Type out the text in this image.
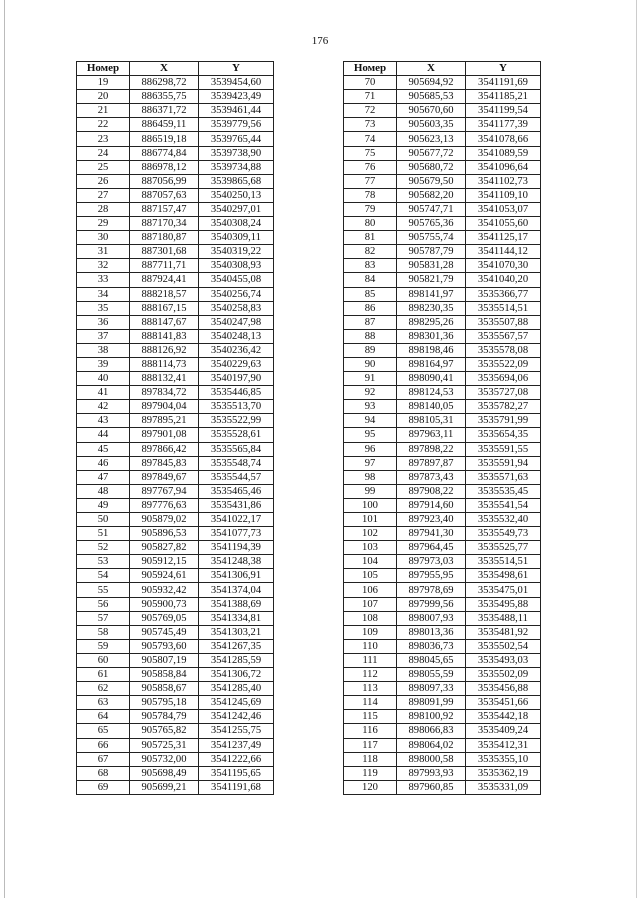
176
Номер	X	Y
19	886298,72	3539454,60
20	886355,75	3539423,49
21	886371,72	3539461,44
22	886459,11	3539779,56
23	886519,18	3539765,44
24	886774,84	3539738,90
25	886978,12	3539734,88
26	887056,99	3539865,68
27	887057,63	3540250,13
28	887157,47	3540297,01
29	887170,34	3540308,24
30	887180,87	3540309,11
31	887301,68	3540319,22
32	887711,71	3540308,93
33	887924,41	3540455,08
34	888218,57	3540256,74
35	888167,15	3540258,83
36	888147,67	3540247,98
37	888141,83	3540248,13
38	888126,92	3540236,42
39	888114,73	3540229,63
40	888132,41	3540197,90
41	897834,72	3535446,85
42	897904,04	3535513,70
43	897895,21	3535522,99
44	897901,08	3535528,61
45	897866,42	3535565,84
46	897845,83	3535548,74
47	897849,67	3535544,57
48	897767,94	3535465,46
49	897776,63	3535431,86
50	905879,02	3541022,17
51	905896,53	3541077,73
52	905827,82	3541194,39
53	905912,15	3541248,38
54	905924,61	3541306,91
55	905932,42	3541374,04
56	905900,73	3541388,69
57	905769,05	3541334,81
58	905745,49	3541303,21
59	905793,60	3541267,35
60	905807,19	3541285,59
61	905858,84	3541306,72
62	905858,67	3541285,40
63	905795,18	3541245,69
64	905784,79	3541242,46
65	905765,82	3541255,75
66	905725,31	3541237,49
67	905732,00	3541222,66
68	905698,49	3541195,65
69	905699,21	3541191,68
Номер	X	Y
70	905694,92	3541191,69
71	905685,53	3541185,21
72	905670,60	3541199,54
73	905603,35	3541177,39
74	905623,13	3541078,66
75	905677,72	3541089,59
76	905680,72	3541096,64
77	905679,50	3541102,73
78	905682,20	3541109,10
79	905747,71	3541053,07
80	905765,36	3541055,60
81	905755,74	3541125,17
82	905787,79	3541144,12
83	905831,28	3541070,30
84	905821,79	3541040,20
85	898141,97	3535366,77
86	898230,35	3535514,51
87	898295,26	3535507,88
88	898301,36	3535567,57
89	898198,46	3535578,08
90	898164,97	3535522,09
91	898090,41	3535694,06
92	898124,53	3535727,08
93	898140,05	3535782,27
94	898105,31	3535791,99
95	897963,11	3535654,35
96	897898,22	3535591,55
97	897897,87	3535591,94
98	897873,43	3535571,63
99	897908,22	3535535,45
100	897914,60	3535541,54
101	897923,40	3535532,40
102	897941,30	3535549,73
103	897964,45	3535525,77
104	897973,03	3535514,51
105	897955,95	3535498,61
106	897978,69	3535475,01
107	897999,56	3535495,88
108	898007,93	3535488,11
109	898013,36	3535481,92
110	898036,73	3535502,54
111	898045,65	3535493,03
112	898055,59	3535502,09
113	898097,33	3535456,88
114	898091,99	3535451,66
115	898100,92	3535442,18
116	898066,83	3535409,24
117	898064,02	3535412,31
118	898000,58	3535355,10
119	897993,93	3535362,19
120	897960,85	3535331,09
